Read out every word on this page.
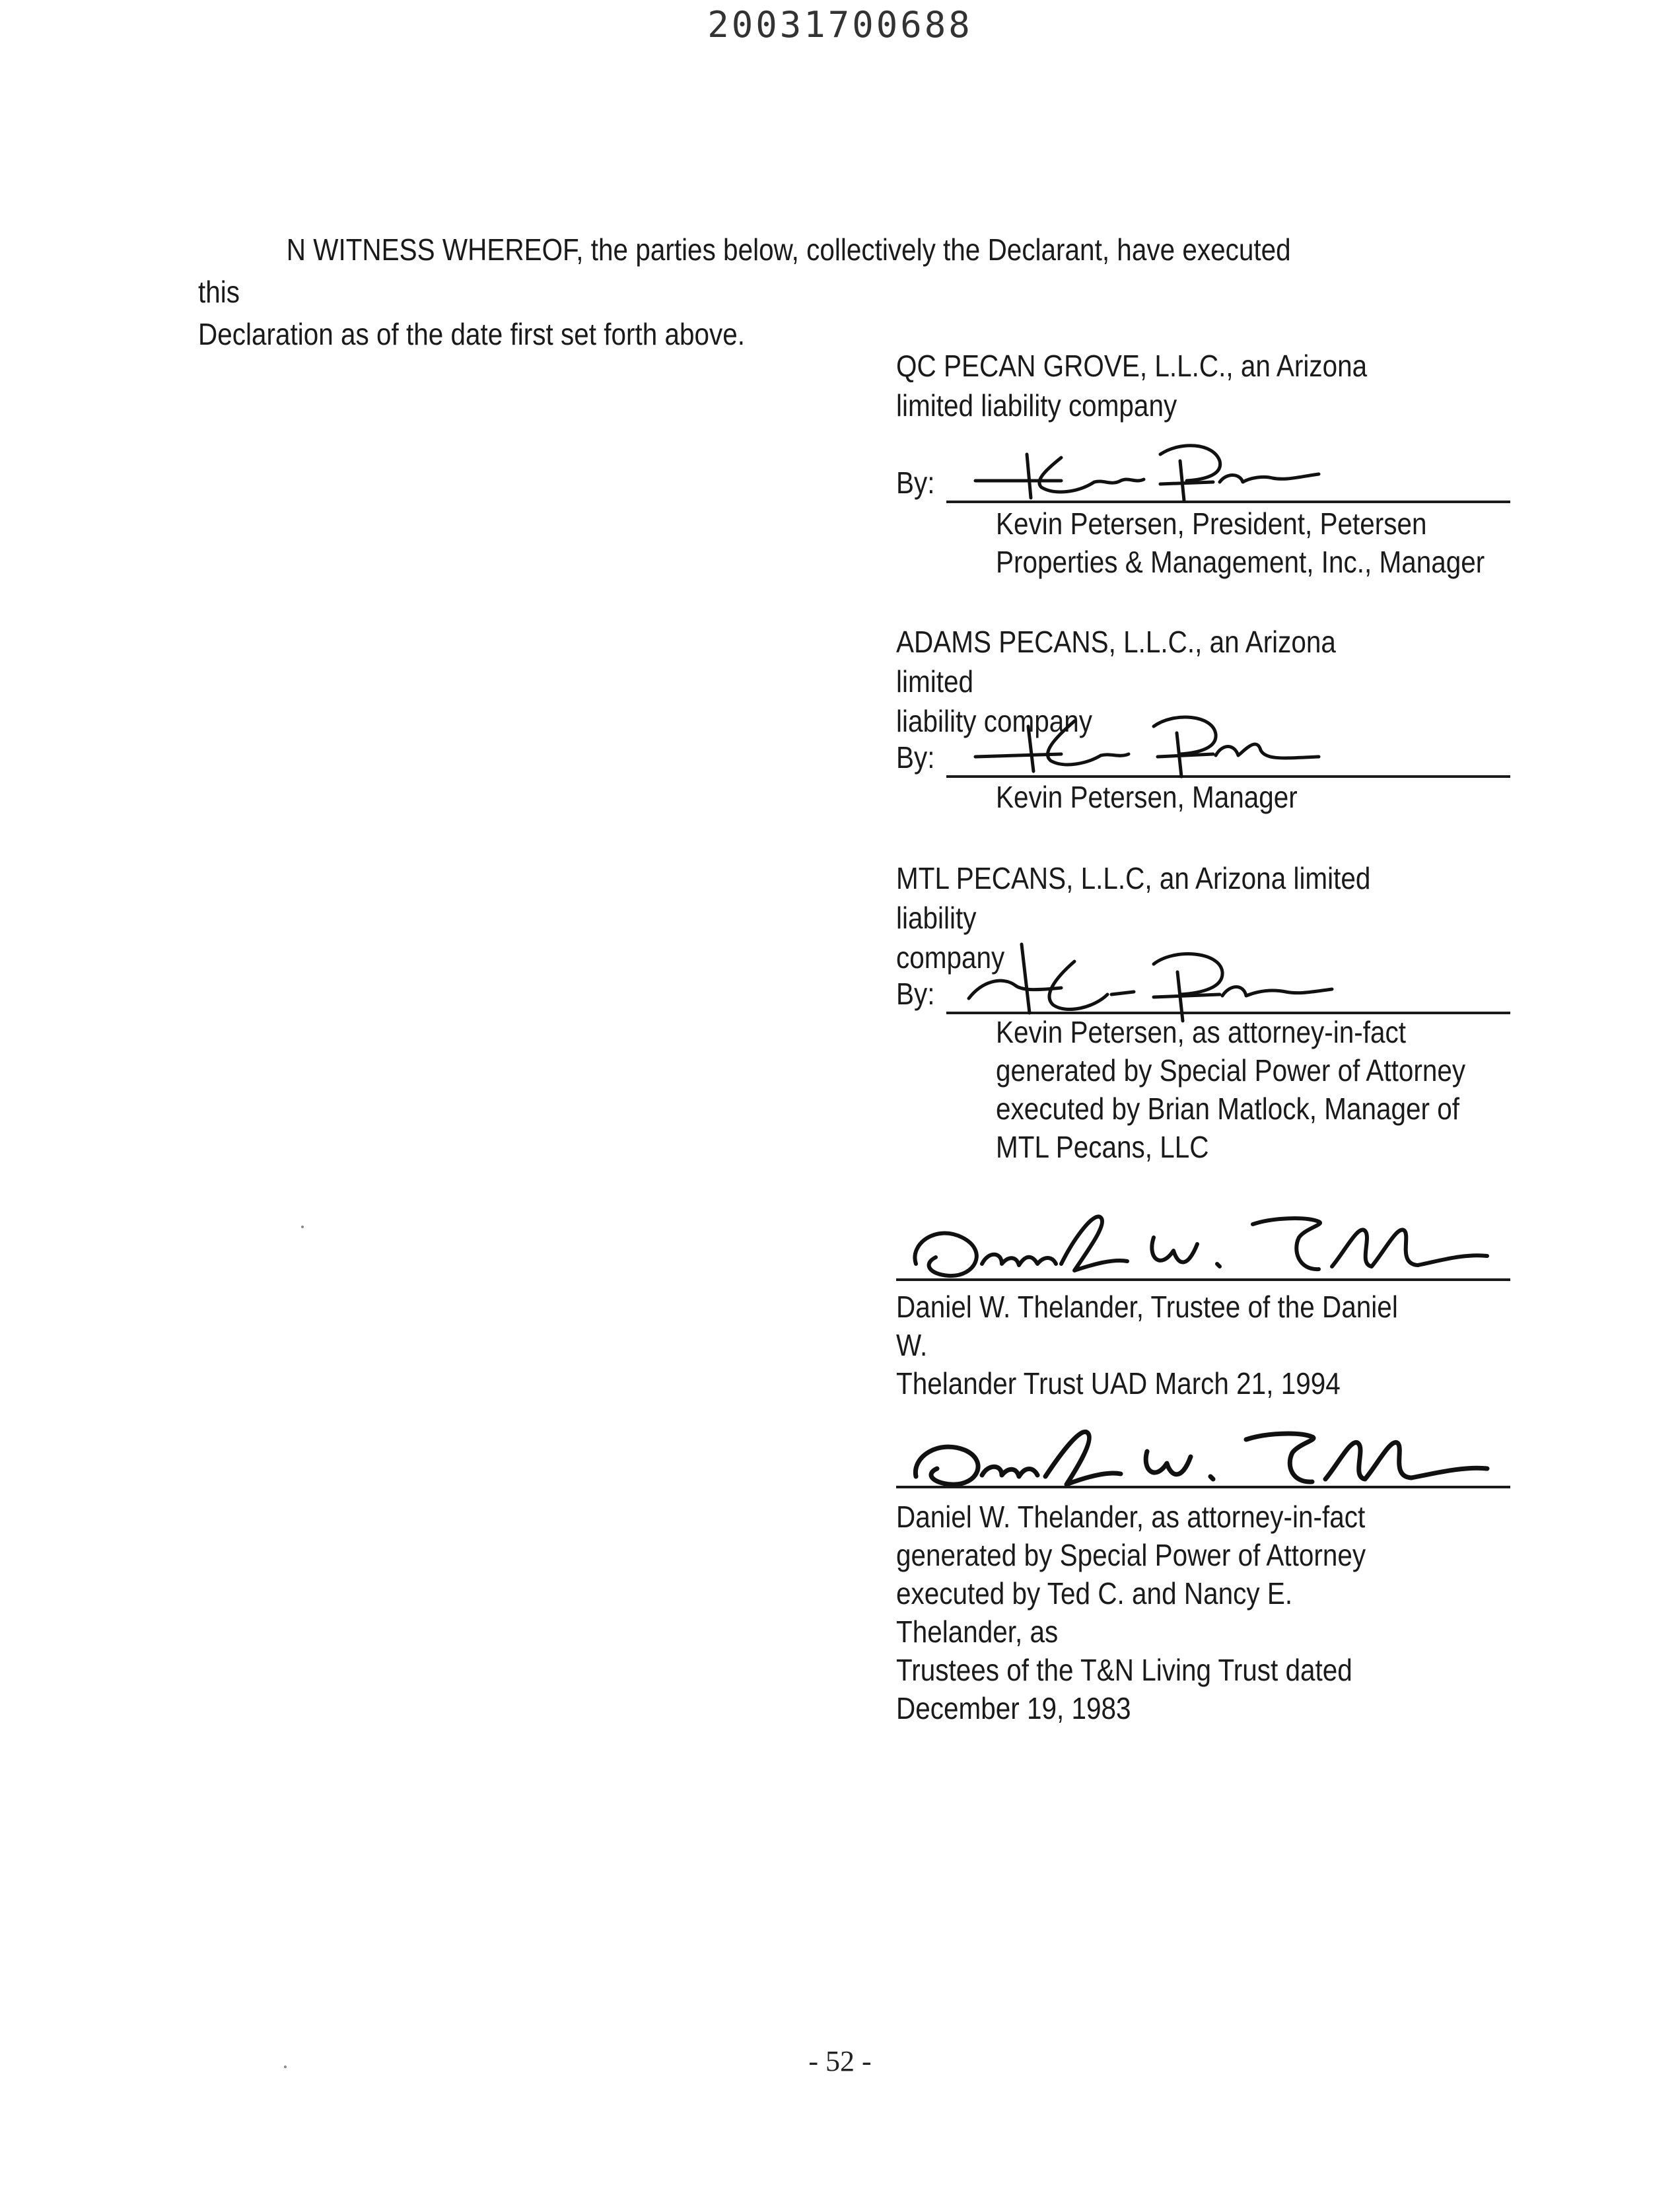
20031700688
N WITNESS WHEREOF, the parties below, collectively the Declarant, have executed this
Declaration as of the date first set forth above.
QC PECAN GROVE, L.L.C., an Arizona
limited liability company
By:
Kevin Petersen, President, Petersen
Properties & Management, Inc., Manager
ADAMS PECANS, L.L.C., an Arizona limited
liability company
By:
Kevin Petersen, Manager
MTL PECANS, L.L.C, an Arizona limited liability
company
By:
Kevin Petersen, as attorney-in-fact
generated by Special Power of Attorney
executed by Brian Matlock, Manager of
MTL Pecans, LLC
Daniel W. Thelander, Trustee of the Daniel W.
Thelander Trust UAD March 21, 1994
Daniel W. Thelander, as attorney-in-fact
generated by Special Power of Attorney
executed by Ted C. and Nancy E. Thelander, as
Trustees of the T&N Living Trust dated
December 19, 1983
- 52 -
